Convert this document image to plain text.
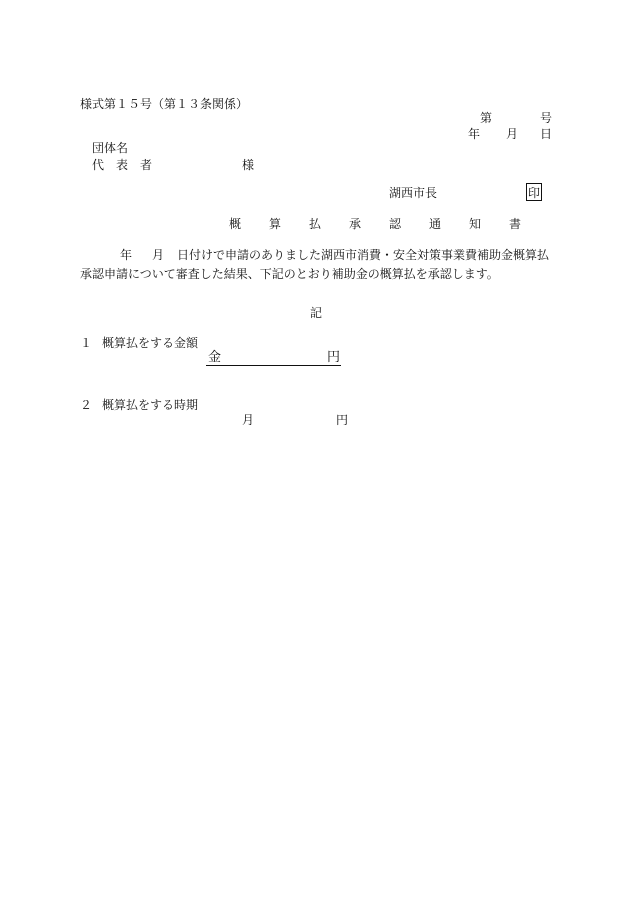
様式第１５号（第１３条関係）
第	号
年 月 日
団体名
代　表　者	様
湖西市長	印
概　算　払　承　認　通　知　書
年 月 日付けで申請のありました湖西市消費・安全対策事業費補助金概算払
承認申請について審査した結果、下記のとおり補助金の概算払を承認します。
記
１ 概算払をする金額
金	円
２ 概算払をする時期
月	円
